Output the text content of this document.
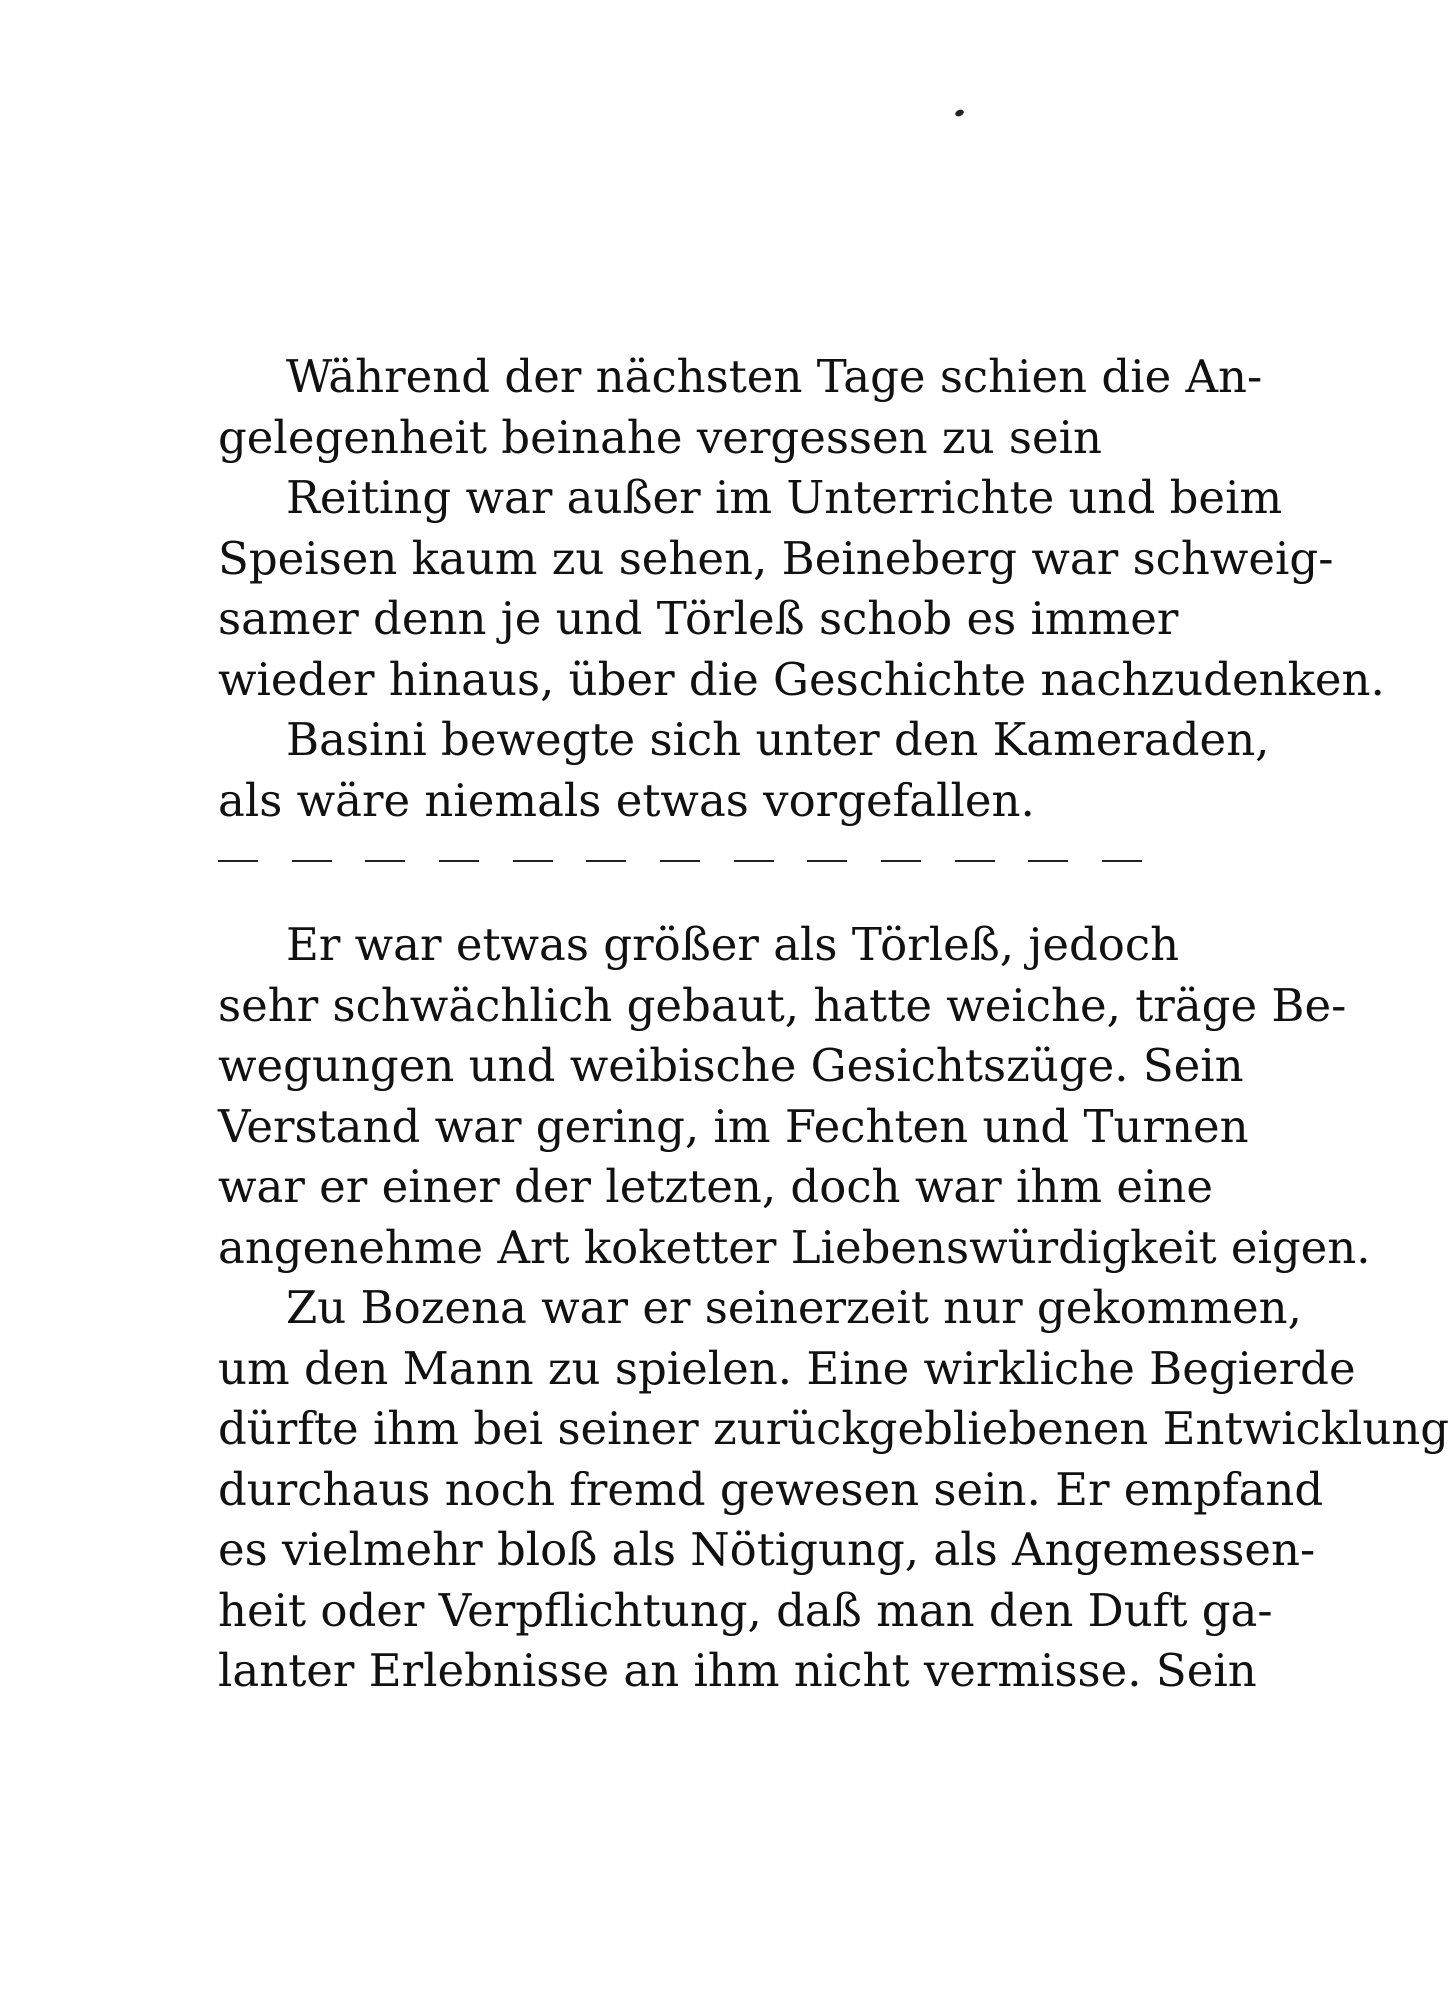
Während der nächsten Tage schien die An-
gelegenheit beinahe vergessen zu sein
Reiting war außer im Unterrichte und beim
Speisen kaum zu sehen, Beineberg war schweig-
samer denn je und Törleß schob es immer
wieder hinaus, über die Geschichte nachzudenken.
Basini bewegte sich unter den Kameraden,
als wäre niemals etwas vorgefallen.
Er war etwas größer als Törleß, jedoch
sehr schwächlich gebaut, hatte weiche, träge Be-
wegungen und weibische Gesichtszüge. Sein
Verstand war gering, im Fechten und Turnen
war er einer der letzten, doch war ihm eine
angenehme Art koketter Liebenswürdigkeit eigen.
Zu Bozena war er seinerzeit nur gekommen,
um den Mann zu spielen. Eine wirkliche Begierde
dürfte ihm bei seiner zurückgebliebenen Entwicklung
durchaus noch fremd gewesen sein. Er empfand
es vielmehr bloß als Nötigung, als Angemessen-
heit oder Verpflichtung, daß man den Duft ga-
lanter Erlebnisse an ihm nicht vermisse. Sein
